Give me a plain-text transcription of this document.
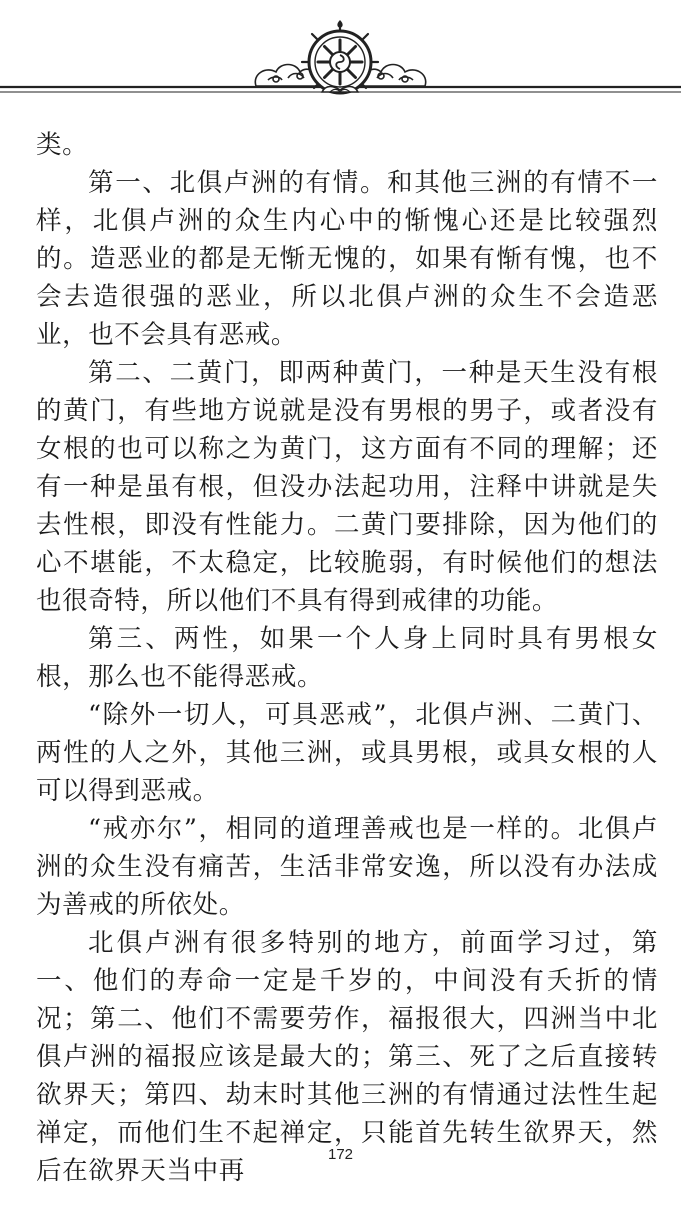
类。

第一、北俱卢洲的有情。和其他三洲的有情不一样，北俱卢洲的众生内心中的惭愧心还是比较强烈的。造恶业的都是无惭无愧的，如果有惭有愧，也不会去造很强的恶业，所以北俱卢洲的众生不会造恶业，也不会具有恶戒。

第二、二黄门，即两种黄门，一种是天生没有根的黄门，有些地方说就是没有男根的男子，或者没有女根的也可以称之为黄门，这方面有不同的理解；还有一种是虽有根，但没办法起功用，注释中讲就是失去性根，即没有性能力。二黄门要排除，因为他们的心不堪能，不太稳定，比较脆弱，有时候他们的想法也很奇特，所以他们不具有得到戒律的功能。

第三、两性，如果一个人身上同时具有男根女根，那么也不能得恶戒。

“除外一切人，可具恶戒”，北俱卢洲、二黄门、两性的人之外，其他三洲，或具男根，或具女根的人可以得到恶戒。

“戒亦尔”，相同的道理善戒也是一样的。北俱卢洲的众生没有痛苦，生活非常安逸，所以没有办法成为善戒的所依处。

北俱卢洲有很多特别的地方，前面学习过，第一、他们的寿命一定是千岁的，中间没有夭折的情况；第二、他们不需要劳作，福报很大，四洲当中北俱卢洲的福报应该是最大的；第三、死了之后直接转欲界天；第四、劫末时其他三洲的有情通过法性生起禅定，而他们生不起禅定，只能首先转生欲界天，然后在欲界天当中再

172
